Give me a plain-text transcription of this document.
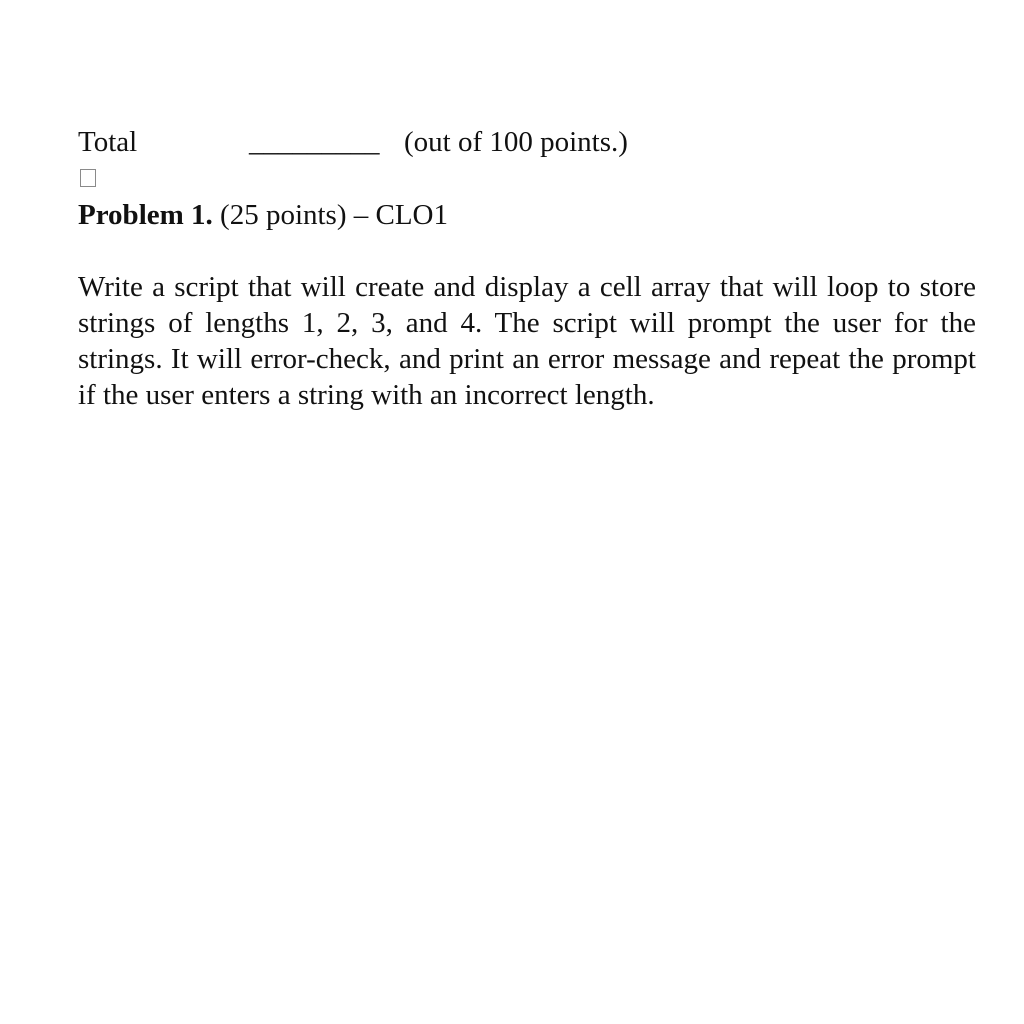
Total	_________ (out of 100 points.)
Problem 1. (25 points) – CLO1

Write a script that will create and display a cell array that will loop to store strings of lengths 1, 2, 3, and 4. The script will prompt the user for the strings. It will error-check, and print an error message and repeat the prompt if the user enters a string with an incorrect length.
